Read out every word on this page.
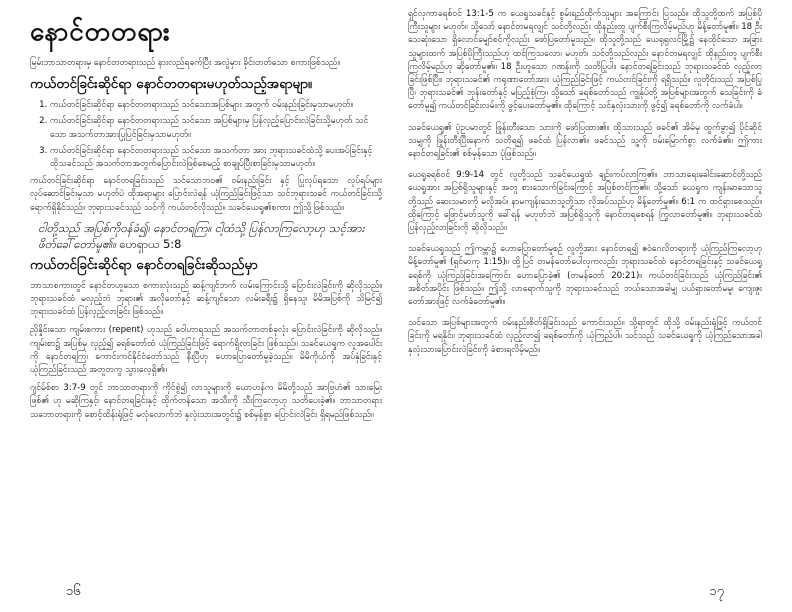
နောင်တတရား
မြမ်းဘာသာတရားမှ နောင်တတရားသည် နားလည်ရခက်ပြီး အလွဲမှား ခိုင်းတတ်သော စကားဖြစ်သည်။
ကယ်တင်ခြင်းဆိုင်ရာ နောင်တတရားမဟုတ်သည့်အရာမျာ။
1. ကယ်တင်ခြင်းဆိုင်ရာ နောင်တတရားသည် သင်သောအပြစ်များ အတွက် ဝမ်းနည်းခြင်းမှသာမဟုတ်။
2. ကယ်တင်ခြင်းဆိုင်ရာ နောင်တတရားသည် သင်သော အပြစ်များမှ ပြန်လှည့်ပြောင်းလဲခြင်းသို့မဟုတ် သင်သော အသက်တာအားပြုပြင်ခြင်းမှသာမဟုတ်။
3. ကယ်တင်ခြင်းဆိုင်ရာ နောင်တတရားသည် သင်သော အသက်တာ အား ဘုရားသခင်ထံသို့ ပေးအပ်ခြင်းနှင့် ထိုသခင်သည် အသက်တာအတွက်ပြောင်းလဲဖြစ်စေမည့် စာချုပ်ပြီးစာခြင်းမှသာမဟုတ်။
ကယ်တင်ခြင်းဆိုင်ရာ နောင်တရခြင်းသည် သင်သောဘဝ၏ ဝမ်းနည်းခြင်း နှင့် ပြုလုပ်ရသော လုပ်ရပ်များ လုပ်ဆောင်ခြင်းမှသာ မဟုတ်ပဲ ထိုအရာများ ပြောင်းလဲရန် ယုံကြည်ခြင်းဖြင့်သာ သင်ဘုရားသခင် ကယ်တင်ခြင်းသို့ ရောက်ရှိနိုင်သည်။ ဘုရားသခင်သည် သင်ကို ကယ်တင်လိုသည်။ သခင်ယေရှု၏စကား ဤသို့ဖြစ်သည်။
ငါတို့သည် အပြစ်ကိုဝန်ခံ၍၊ နောင်တရကြ။ ငါ့ထံသို့ ပြန်လာကြလော့ဟု သင့်အား ဖိတ်ခေါ်တော်မူ၏။ ဟေရှာယ 5:8
ကယ်တင်ခြင်းဆိုင်ရာ နောင်တရခြင်းဆိုသည်မှာ
ဘာသာစကားတွင် နောင်တဟူသော စကားလုံးသည် ဆန့်ကျင်ဘက် လမ်းကြောင်းသို့ ပြောင်းလဲခြင်းကို ဆိုလိုသည်။ ဘုရားသခင်ထံ မလှည့်ဘဲ ဘုရား၏ အလိုတော်နှင့် ဆန့်ကျင်သော လမ်းခရီး၌ ရှိနေသူ၊ မိမိအပြစ်ကို သိမြင်၍ ဘုရားသခင်ထံ ပြန်လှည့်လာခြင်း ဖြစ်သည်။
ညှိနှိုင်းသော ကျမ်းစကား (repent) ဟုသည် ဝေါဟာရသည် အသက်တာတစ်ခုလုံး ပြောင်းလဲခြင်းကို ဆိုလိုသည်။ ကျမ်းစာ၌ အပြစ်မှ လှည့်၍ ခရစ်တော်ထံ ယုံကြည်ခြင်းဖြင့် ရောက်ရှိလာခြင်း ဖြစ်သည်။ သခင်ယေရှုက လူအပေါင်းကို နောင်တရကြ၊ ကောင်းကင်နိုင်ငံတော်သည် နီးပြီဟု ဟောပြောတော်မူခဲ့သည်။ မိမိကိုယ်ကို အပ်နှံခြင်းနှင့် ယုံကြည်ခြင်းသည် အတူတကွ သွားလေ့ရှိ၏။
ဂျင်မ်စ်စာ 3:7-9 တွင် ဘာသာတရားကို ကိုင်စွဲ၍ လာသူများကို ယောဟန်က မိမိတို့သည် အာဗြဟံ၏ သားမြေးဖြစ်၏ ဟု မဆိုကြနှင့်၊ နောင်တရခြင်းနှင့် ထိုက်တန်သော အသီးကို သီးကြလော့ဟု သတိပေးခဲ့၏။ ဘာသာတရား သဘောတရားကို စောင့်ထိန်းရုံဖြင့် မလုံလောက်ဘဲ နှလုံးသားအတွင်း၌ စစ်မှန်စွာ ပြောင်းလဲခြင်း ရှိရမည်ဖြစ်သည်။
၁၆
ရှင်လုကာခရစ်ဝင် 13:1-5 က ယေရှုသခင်နှင့် စွမ်းရည်ထိုက်သူများ အကြောင်း ပြသည်။ ထိုသူတို့ထက် အပြစ်ပိုကြီးသူများ မဟုတ်။ သို့သော် နောင်တမရလျှင် သင်တို့လည်း ထိုနည်းတူ ပျက်စီးကြလိမ့်မည်ဟု မိန့်တော်မူ၏။ 18 ဦးသေဆုံးသော ရှိလောင်မျှော်စင်ကိုလည်း ဖော်ပြတော်မူသည်။ ထိုသူတို့သည် ယေရုရှလင်မြို့၌ နေထိုင်သော အခြားသူများထက် အပြစ်ပိုကြီးသည်ဟု ထင်ကြသလော၊ မဟုတ်၊ သင်တို့သည်လည်း နောင်တမရလျှင် ထိုနည်းတူ ပျက်စီးကြလိမ့်မည်ဟု ဆိုတော်မူ၏။ 18 ဦးဟူသော ဂဏန်းကို သတိပြုပါ။ နောင်တရခြင်းသည် ဘုရားသခင်ထံ လှည့်လာခြင်းဖြစ်ပြီး၊ ဘုရားသခင်၏ ကရုဏာတော်အား ယုံကြည်ခြင်းဖြင့် ကယ်တင်ခြင်းကို ရရှိသည်။ လူတိုင်းသည် အပြစ်ပြုပြီ၊ ဘုရားသခင်၏ ဘုန်းတော်နှင့် မပြည့်စုံကြ။ သို့သော် ခရစ်တော်သည် ကျွန်ုပ်တို့ အပြစ်များအတွက် သေခြင်းကို ခံတော်မူ၍ ကယ်တင်ခြင်းလမ်းကို ဖွင့်ပေးတော်မူ၏။ ထိုကြောင့် သင်နှလုံးသားကို ဖွင့်၍ ခရစ်တော်ကို လက်ခံပါ။
သခင်ယေရှု၏ ပုံဥပမာတွင် ဖြုန်းတီးသော သားကို ဖော်ပြထား၏။ ထိုသားသည် ဖခင်၏ အိမ်မှ ထွက်ခွာ၍ ပိုင်ဆိုင်သမျှကို ဖြုန်းတီးပြီးနောက် သတိရ၍ ဖခင်ထံ ပြန်လာ၏။ ဖခင်သည် သူ့ကို ဝမ်းမြောက်စွာ လက်ခံ၏။ ဤကား နောင်တရခြင်း၏ စစ်မှန်သော ပုံဖြစ်သည်။
ယေရှုခရစ်ဝင် 9:9-14 တွင် လူတို့သည် သခင်ယေရှုထံ ချဉ်းကပ်လာကြ၏။ ဘာသာရေးခေါင်းဆောင်တို့သည် ယေရှုအား အပြစ်ရှိသူများနှင့် အတူ စားသောက်ခြင်းကြောင့် အပြစ်တင်ကြ၏။ သို့သော် ယေရှုက ကျန်းမာသောသူတို့သည် ဆေးသမားကို မလိုအပ်၊ နာမကျန်းသောသူတို့သာ လိုအပ်သည်ဟု မိန့်တော်မူ၏။ 6:1 က ထင်ရှားစေသည်။ ထိုကြောင့် ဖြောင့်မတ်သူကို ခေါ်ရန် မဟုတ်ဘဲ အပြစ်ရှိသူကို နောင်တရစေရန် ကြွလာတော်မူ၏။ ဘုရားသခင်ထံ ပြန်လှည့်လာခြင်းကို ဆိုလိုသည်။
သခင်ယေရှုသည် ဤကမ္ဘာ၌ ဟောပြောတော်မူစဉ် လူတို့အား နောင်တရ၍ ဧဝံဂေလိတရားကို ယုံကြည်ကြလော့ဟု မိန့်တော်မူ၏ (ရှင်မာကု 1:15)။ ထို့ပြင် တမန်တော်ပေါလုကလည်း ဘုရားသခင်ထံ နောင်တရခြင်းနှင့် သခင်ယေရှုခရစ်ကို ယုံကြည်ခြင်းအကြောင်း ဟောပြောခဲ့၏ (တမန်တော် 20:21)။ ကယ်တင်ခြင်းသည် ယုံကြည်ခြင်း၏ အစိတ်အပိုင်း ဖြစ်သည်။ ဤသို့ လာရောက်သူကို ဘုရားသခင်သည် ဘယ်သောအခါမျှ ပယ်ရှားတော်မမူ၊ ကျေးဇူးတော်အားဖြင့် လက်ခံတော်မူ၏။
သင်သော အပြစ်များအတွက် ဝမ်းနည်းစိတ်ရှိခြင်းသည် ကောင်းသည်။ သို့ရာတွင် ထိုသို့ ဝမ်းနည်းရုံဖြင့် ကယ်တင်ခြင်းကို မရနိုင်။ ဘုရားသခင်ထံ လှည့်လာ၍ ခရစ်တော်ကို ယုံကြည်ပါ။ သင်သည် သခင်ယေရှုကို ယုံကြည်သောအခါ နှလုံးသားပြောင်းလဲခြင်းကို ခံစားရလိမ့်မည်။
၁၇
